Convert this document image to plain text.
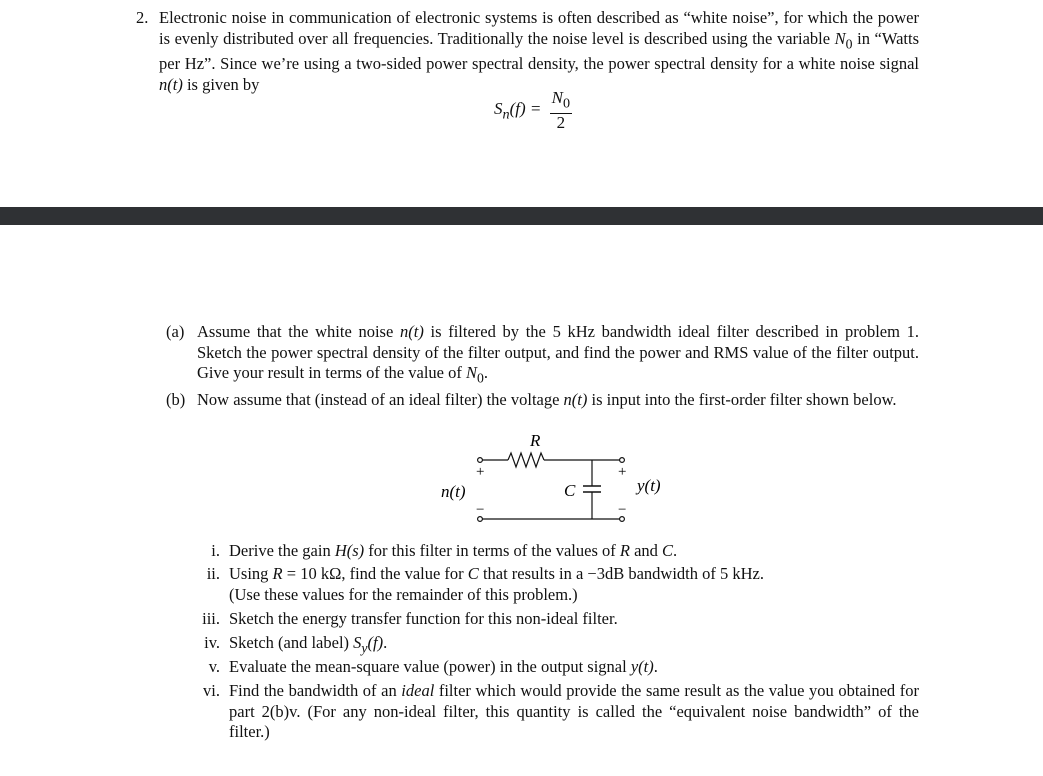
2. Electronic noise in communication of electronic systems is often described as “white noise”, for which the power is evenly distributed over all frequencies. Traditionally the noise level is described using the variable $N_0$ in “Watts per Hz”. Since we’re using a two-sided power spectral density, the power spectral density for a white noise signal n(t) is given by
$S_n(f) = \frac{N_0}{2}$
(a) Assume that the white noise n(t) is filtered by the 5 kHz bandwidth ideal filter described in problem 1. Sketch the power spectral density of the filter output, and find the power and RMS value of the filter output. Give your result in terms of the value of $N_0$.
(b) Now assume that (instead of an ideal filter) the voltage n(t) is input into the first-order filter shown below.
R
C
+
−
+
−
n(t)	y(t)
i. Derive the gain H(s) for this filter in terms of the values of R and C.
ii. Using R = 10 kΩ, find the value for C that results in a −3dB bandwidth of 5 kHz.
(Use these values for the remainder of this problem.)
iii. Sketch the energy transfer function for this non-ideal filter.
iv. Sketch (and label) $S_y(f)$.
v. Evaluate the mean-square value (power) in the output signal y(t).
vi. Find the bandwidth of an ideal filter which would provide the same result as the value you obtained for part 2(b)v. (For any non-ideal filter, this quantity is called the “equivalent noise bandwidth” of the filter.)
